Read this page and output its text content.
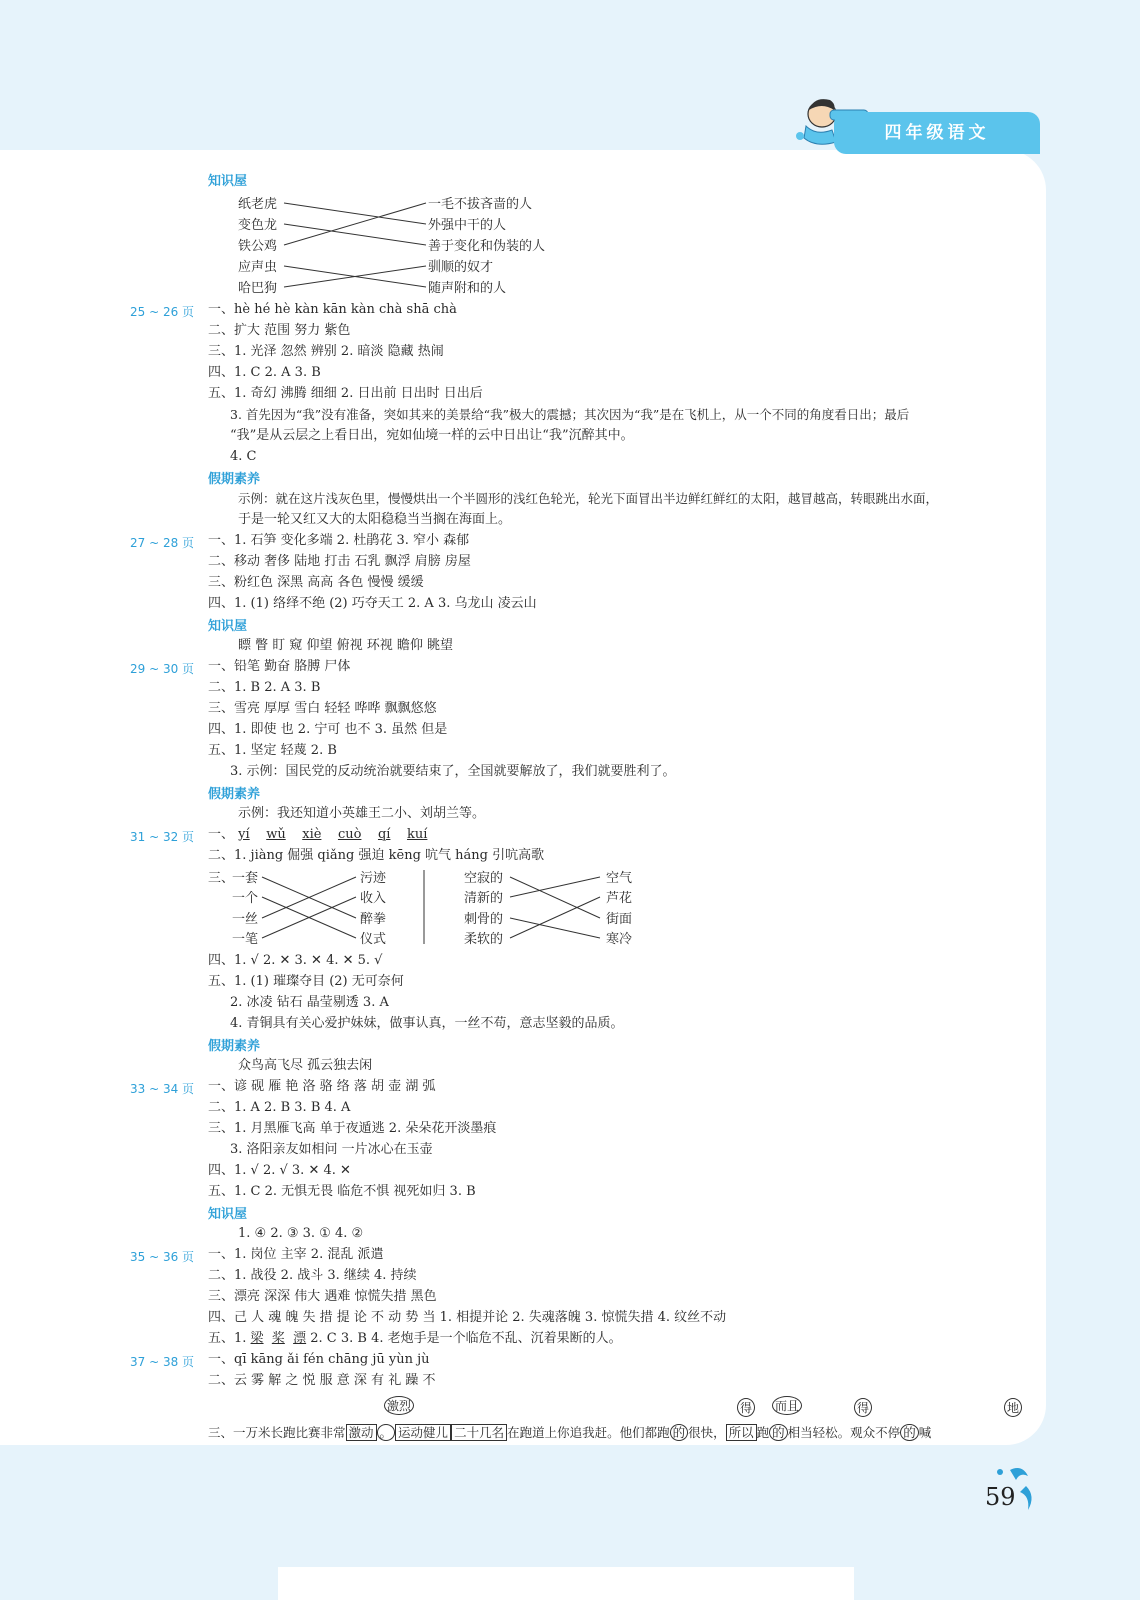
四年级语文
知识屋
纸老虎
变色龙
铁公鸡
应声虫
哈巴狗
一毛不拔吝啬的人
外强中干的人
善于变化和伪装的人
驯顺的奴才
随声附和的人
25 ~ 26 页 一、hè hé hè kàn kān kàn chà shā chà
二、扩大 范围 努力 紫色
三、1. 光泽 忽然 辨别 2. 暗淡 隐藏 热闹
四、1. C 2. A 3. B
五、1. 奇幻 沸腾 细细 2. 日出前 日出时 日出后
3. 首先因为“我”没有准备，突如其来的美景给“我”极大的震撼；其次因为“我”是在飞机上，从一个不同的角度看日出；最后
“我”是从云层之上看日出，宛如仙境一样的云中日出让“我”沉醉其中。
4. C
假期素养
示例：就在这片浅灰色里，慢慢烘出一个半圆形的浅红色轮光，轮光下面冒出半边鲜红鲜红的太阳，越冒越高，转眼跳出水面，
于是一轮又红又大的太阳稳稳当当搁在海面上。
27 ~ 28 页 一、1. 石笋 变化多端 2. 杜鹃花 3. 窄小 森郁
二、移动 奢侈 陆地 打击 石乳 飘浮 肩膀 房屋
三、粉红色 深黑 高高 各色 慢慢 缓缓
四、1. (1) 络绎不绝 (2) 巧夺天工 2. A 3. 乌龙山 凌云山
知识屋
瞟 瞥 盯 窥 仰望 俯视 环视 瞻仰 眺望
29 ~ 30 页 一、铅笔 勤奋 胳膊 尸体
二、1. B 2. A 3. B
三、雪亮 厚厚 雪白 轻轻 哗哗 飘飘悠悠
四、1. 即使 也 2. 宁可 也不 3. 虽然 但是
五、1. 坚定 轻蔑 2. B
3. 示例：国民党的反动统治就要结束了，全国就要解放了，我们就要胜利了。
假期素养
示例：我还知道小英雄王二小、刘胡兰等。
31 ~ 32 页 一、 yí wǔ xiè cuò qí kuí
二、1. jiàng 倔强 qiǎng 强迫 kēng 吭气 háng 引吭高歌
三、
一套
一个
一丝
一笔
污迹
收入
醉拳
仪式
空寂的
清新的
刺骨的
柔软的
空气
芦花
街面
寒冷
四、1. √ 2. ✕ 3. ✕ 4. ✕ 5. √
五、1. (1) 璀璨夺目 (2) 无可奈何
2. 冰凌 钻石 晶莹剔透 3. A
4. 青铜具有关心爱护妹妹，做事认真，一丝不苟，意志坚毅的品质。
假期素养
众鸟高飞尽 孤云独去闲
33 ~ 34 页 一、谚 砚 雁 艳 洛 骆 络 落 胡 壶 湖 弧
二、1. A 2. B 3. B 4. A
三、1. 月黑雁飞高 单于夜遁逃 2. 朵朵花开淡墨痕
3. 洛阳亲友如相问 一片冰心在玉壶
四、1. √ 2. √ 3. ✕ 4. ✕
五、1. C 2. 无惧无畏 临危不惧 视死如归 3. B
知识屋
1. ④ 2. ③ 3. ① 4. ②
35 ~ 36 页 一、1. 岗位 主宰 2. 混乱 派遣
二、1. 战役 2. 战斗 3. 继续 4. 持续
三、漂亮 深深 伟大 遇难 惊慌失措 黑色
四、己 人 魂 魄 失 措 提 论 不 动 势 当 1. 相提并论 2. 失魂落魄 3. 惊慌失措 4. 纹丝不动
五、1. 梁 桨 漂 2. C 3. B 4. 老炮手是一个临危不乱、沉着果断的人。
37 ~ 38 页 一、qī kāng ǎi fén chāng jū yùn jù
二、云 雾 解 之 悦 服 意 深 有 礼 躁 不
激烈	得 而且	得	地
三、一万米长跑比赛非常 激动 。 运动健儿 二十几名 在跑道上你追我赶。他们都跑 的 很快， 所以 跑 的 相当轻松。观众不停 的 喊
59
